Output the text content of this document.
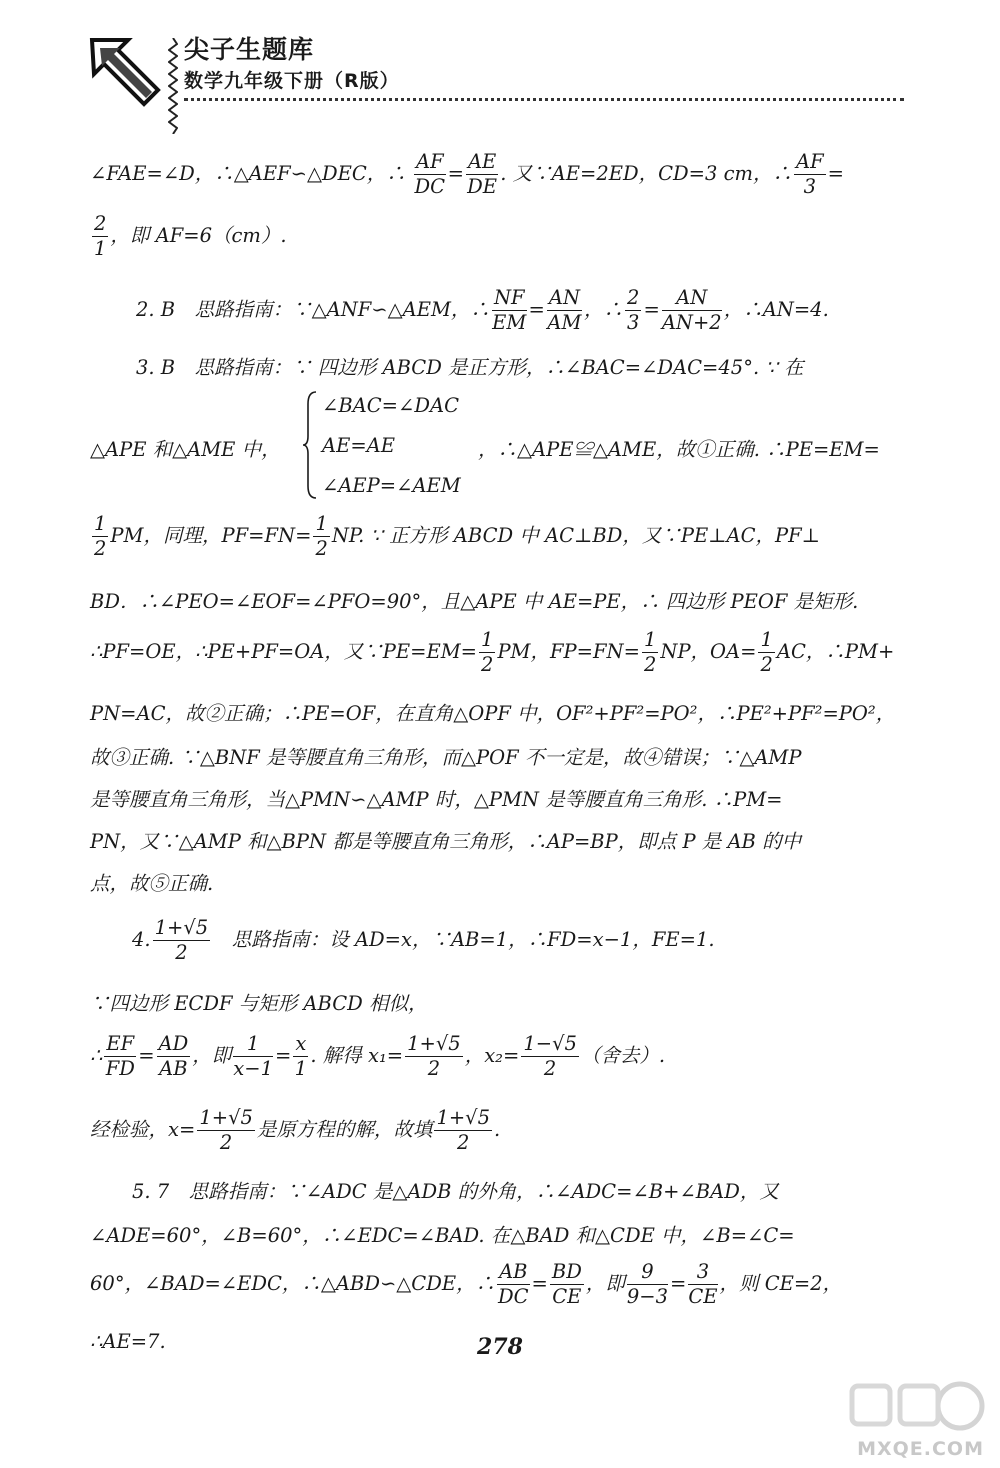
尖子生题库
数学九年级下册（R版）
∠FAE=∠D，∴△AEF∽△DEC，∴ $\frac{AF}{DC} = \frac{AE}{DE}$ . 又∵AE=2ED，CD=3 cm，∴ $\frac{AF}{3}$ =
$\frac{2}{1}$ ，即 AF=6（cm）.
2. B　思路指南：∵△ANF∽△AEM，∴ $\frac{NF}{EM} = \frac{AN}{AM}$ ，∴ $\frac{2}{3} = \frac{AN}{AN+2}$ ，∴AN=4.
3. B　思路指南：∵ 四边形 ABCD 是正方形，∴∠BAC=∠DAC=45°. ∵ 在
∠BAC=∠DAC
AE=AE
∠AEP=∠AEM
△APE 和△AME 中，	，∴△APE≌△AME，故①正确. ∴PE=EM=
$\frac{1}{2}$ PM，同理，$PF=FN= \frac{1}{2}$ NP. ∵ 正方形 ABCD 中 AC⊥BD，又∵PE⊥AC，PF⊥
BD．∴∠PEO=∠EOF=∠PFO=90°，且△APE 中 AE=PE，∴ 四边形 PEOF 是矩形.
∴PF=OE，∴PE+PF=OA，又∵PE=EM= $\frac{1}{2}$ PM，$FP=FN= \frac{1}{2}$ NP，$OA= \frac{1}{2}$ AC，∴PM+
PN=AC，故②正确；∴PE=OF，在直角△OPF 中，OF²+PF²=PO²，∴PE²+PF²=PO²，
故③正确. ∵△BNF 是等腰直角三角形，而△POF 不一定是，故④错误；∵△AMP
是等腰直角三角形，当△PMN∽△AMP 时，△PMN 是等腰直角三角形. ∴PM=
PN，又∵△AMP 和△BPN 都是等腰直角三角形，∴AP=BP，即点 P 是 AB 的中
点，故⑤正确.
4. $\frac{1+√5}{2}$ 　思路指南：设 AD=x，∵AB=1，∴FD=x−1，FE=1.
∵四边形 ECDF 与矩形 ABCD 相似，
∴ $\frac{EF}{FD} = \frac{AD}{AB}$ ，即 $\frac{1}{x-1} = \frac{x}{1}$ . 解得 $x_1= \frac{1+√5}{2}$ ，$x_2= \frac{1-√5}{2}$ （舍去）.
经检验，$x= \frac{1+√5}{2}$ 是原方程的解，故填 $\frac{1+√5}{2}$ .
5. 7　思路指南：∵∠ADC 是△ADB 的外角，∴∠ADC=∠B+∠BAD，又
∠ADE=60°，∠B=60°，∴∠EDC=∠BAD. 在△BAD 和△CDE 中，∠B=∠C=
60°，∠BAD=∠EDC，∴△ABD∽△CDE，∴ $\frac{AB}{DC} = \frac{BD}{CE}$ ，即 $\frac{9}{9-3} = \frac{3}{CE}$ ，则 CE=2，
∴AE=7.	278
MXQE.COM
